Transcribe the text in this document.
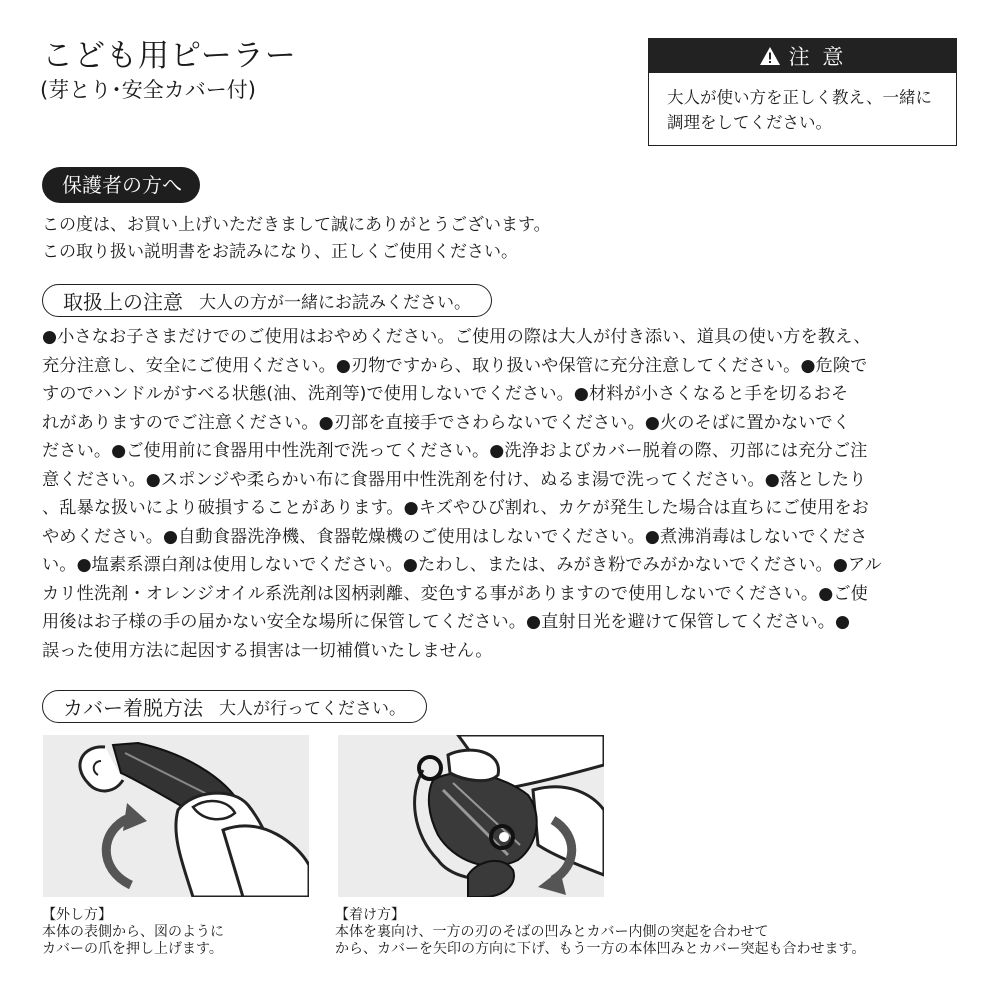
こども用ピーラー
(芽とり･安全カバー付)
注 意
大人が使い方を正しく教え、一緒に
調理をしてください。
保護者の方へ
この度は、お買い上げいただきまして誠にありがとうございます。
この取り扱い説明書をお読みになり、正しくご使用ください。
取扱上の注意 大人の方が一緒にお読みください。
●小さなお子さまだけでのご使用はおやめください。ご使用の際は大人が付き添い、道具の使い方を教え、
充分注意し、安全にご使用ください。●刃物ですから、取り扱いや保管に充分注意してください。●危険で
すのでハンドルがすべる状態(油、洗剤等)で使用しないでください。●材料が小さくなると手を切るおそ
れがありますのでご注意ください。●刃部を直接手でさわらないでください。●火のそばに置かないでく
ださい。●ご使用前に食器用中性洗剤で洗ってください。●洗浄およびカバー脱着の際、刃部には充分ご注
意ください。●スポンジや柔らかい布に食器用中性洗剤を付け、ぬるま湯で洗ってください。●落としたり
、乱暴な扱いにより破損することがあります。●キズやひび割れ、カケが発生した場合は直ちにご使用をお
やめください。●自動食器洗浄機、食器乾燥機のご使用はしないでください。●煮沸消毒はしないでくださ
い。●塩素系漂白剤は使用しないでください。●たわし、または、みがき粉でみがかないでください。●アル
カリ性洗剤・オレンジオイル系洗剤は図柄剥離、変色する事がありますので使用しないでください。●ご使
用後はお子様の手の届かない安全な場所に保管してください。●直射日光を避けて保管してください。●
誤った使用方法に起因する損害は一切補償いたしません。
カバー着脱方法 大人が行ってください。
【外し方】
本体の表側から、図のように
カバーの爪を押し上げます。
【着け方】
本体を裏向け、一方の刃のそばの凹みとカバー内側の突起を合わせて
から、カバーを矢印の方向に下げ、もう一方の本体凹みとカバー突起も合わせます。
